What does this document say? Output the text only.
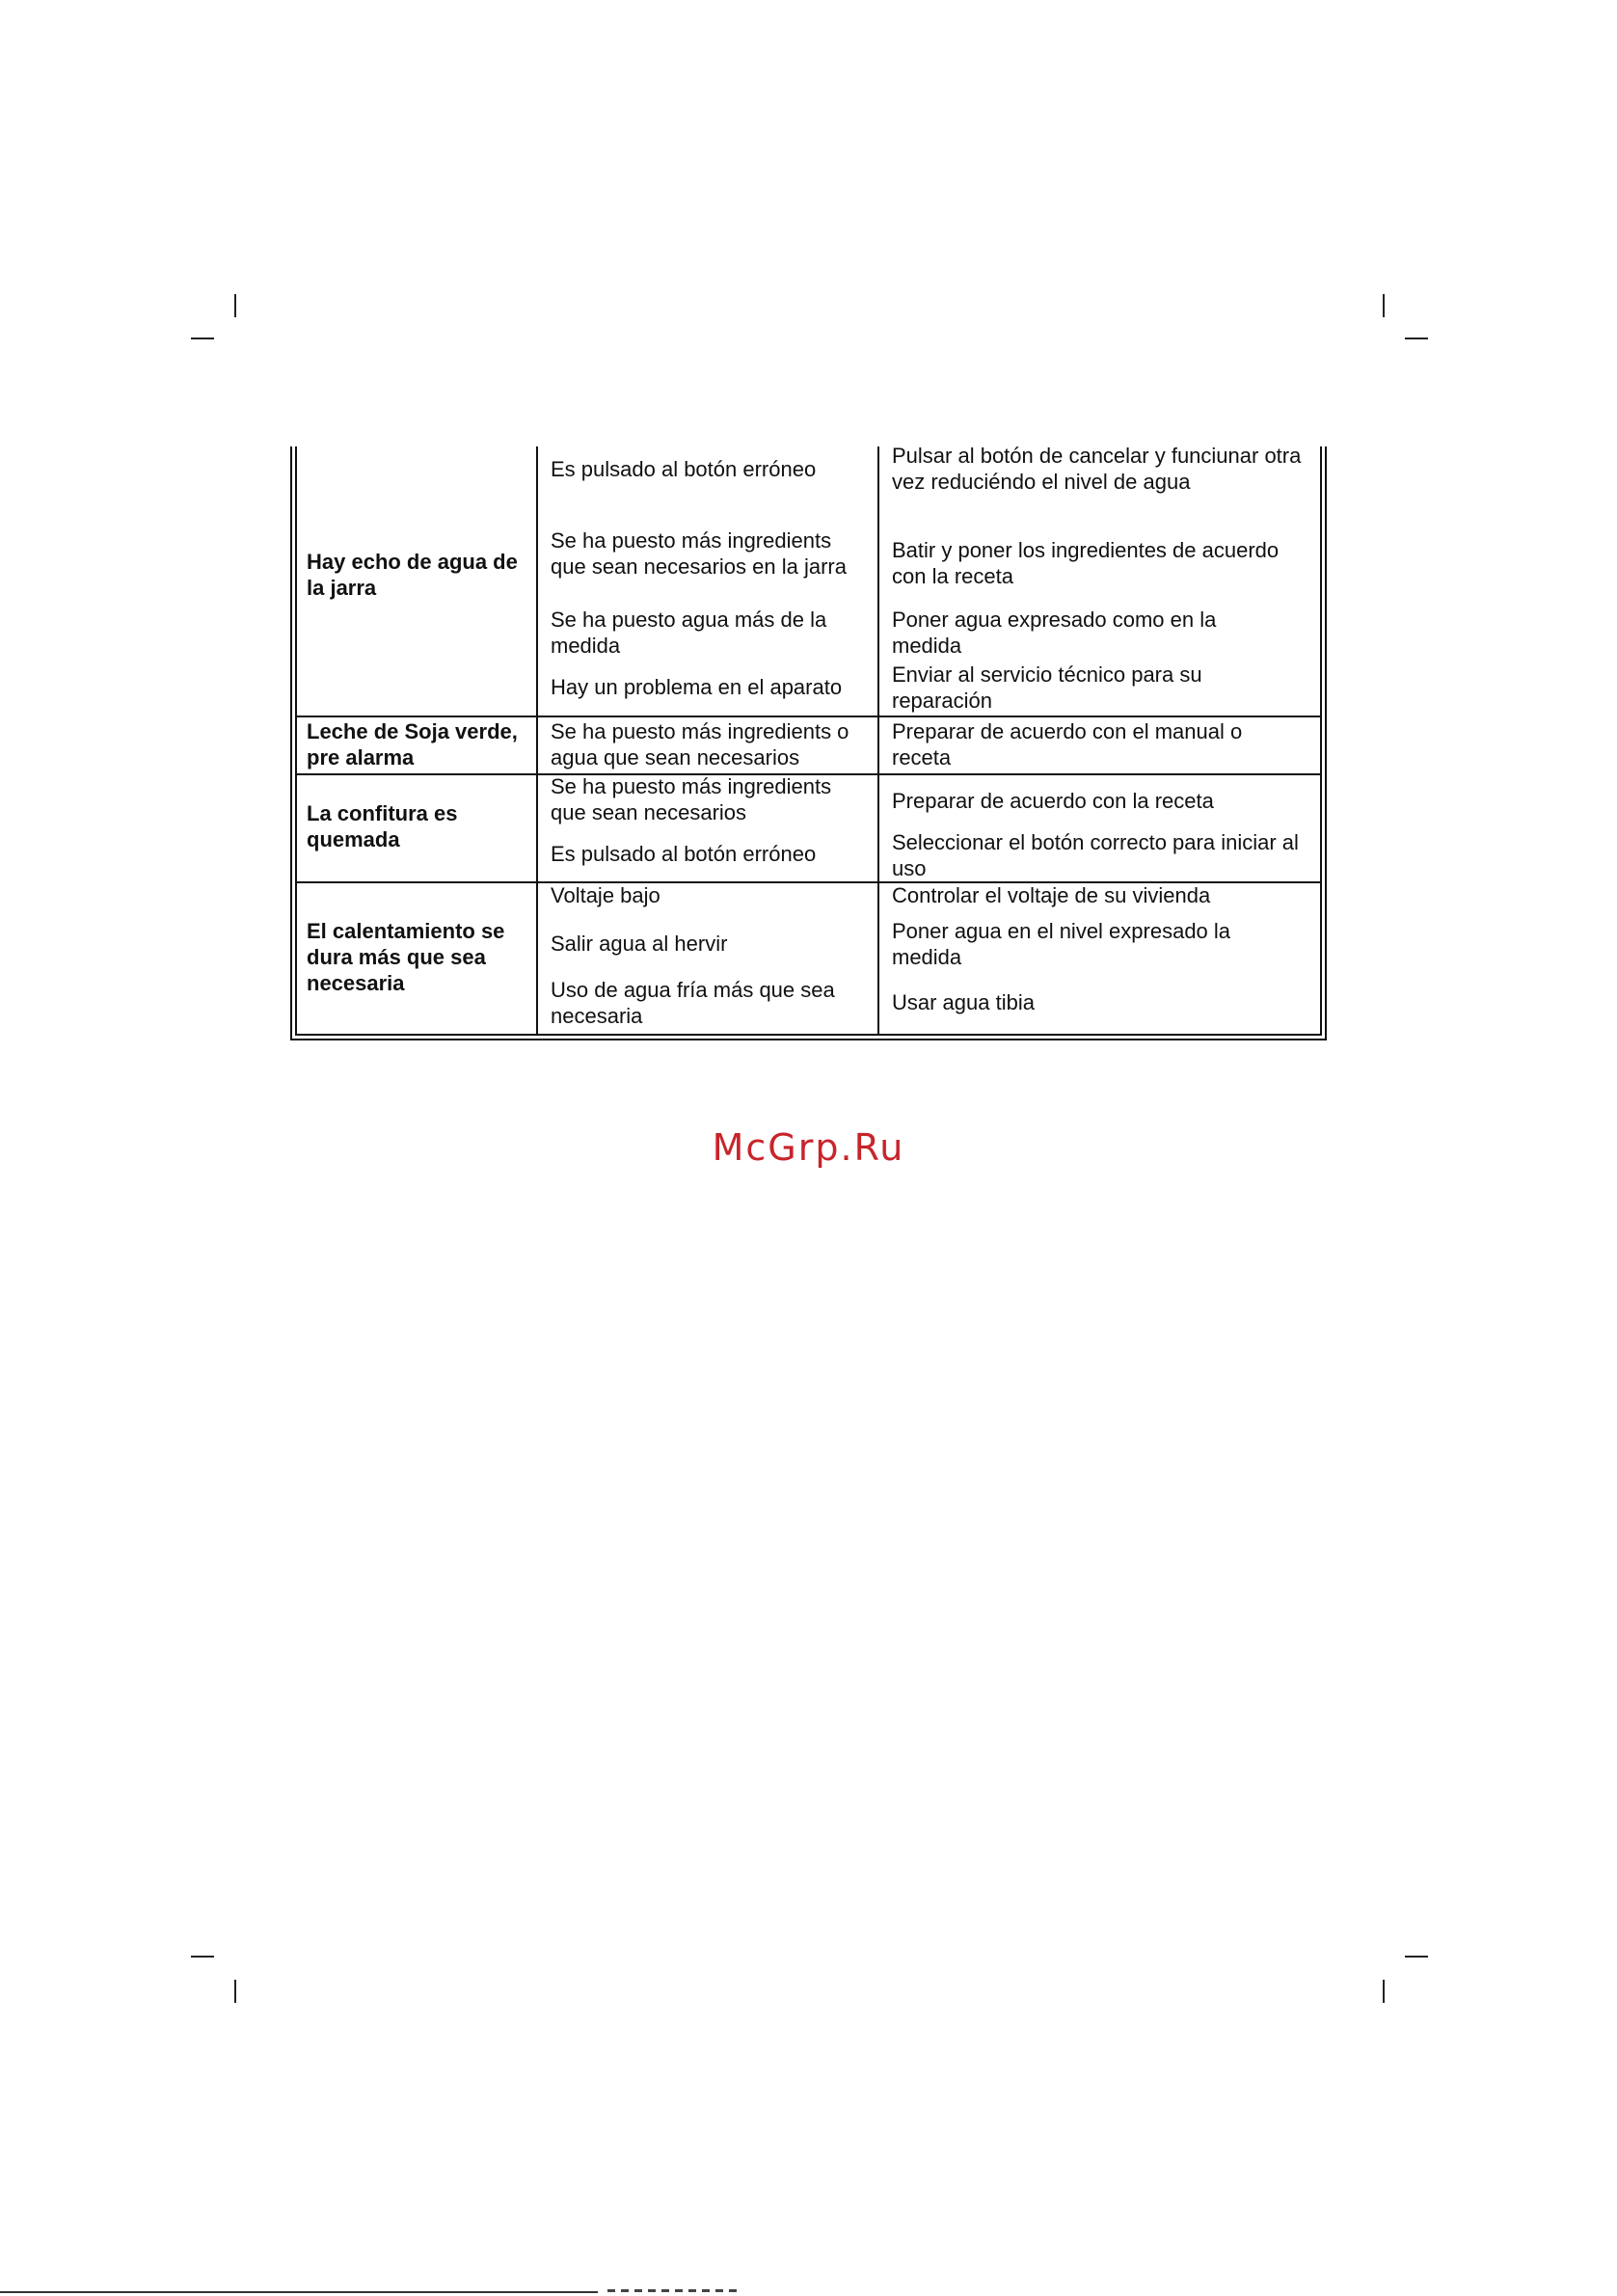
Hay echo de agua de la jarra
Es pulsado al botón erróneo
Se ha puesto más ingredients que sean necesarios en la jarra
Se ha puesto agua más de la medida
Hay un problema en el aparato
Pulsar al botón de cancelar y funciunar otra vez reduciéndo el nivel de agua
Batir y poner los ingredientes de acuerdo con la receta
Poner agua expresado como en la medida
Enviar al servicio técnico para su reparación
Leche de Soja verde, pre alarma
Se ha puesto más ingredients o agua que sean necesarios
Preparar de acuerdo con el manual o receta
La confitura es quemada
Se ha puesto más ingredients que sean necesarios
Es pulsado al botón erróneo
Preparar de acuerdo con la receta
Seleccionar el botón correcto para iniciar al uso
El calentamiento se dura más que sea necesaria
Voltaje bajo
Salir agua al hervir
Uso de agua fría más que sea necesaria
Controlar el voltaje de su vivienda
Poner agua en el nivel expresado la medida
Usar agua tibia
McGrp.Ru
